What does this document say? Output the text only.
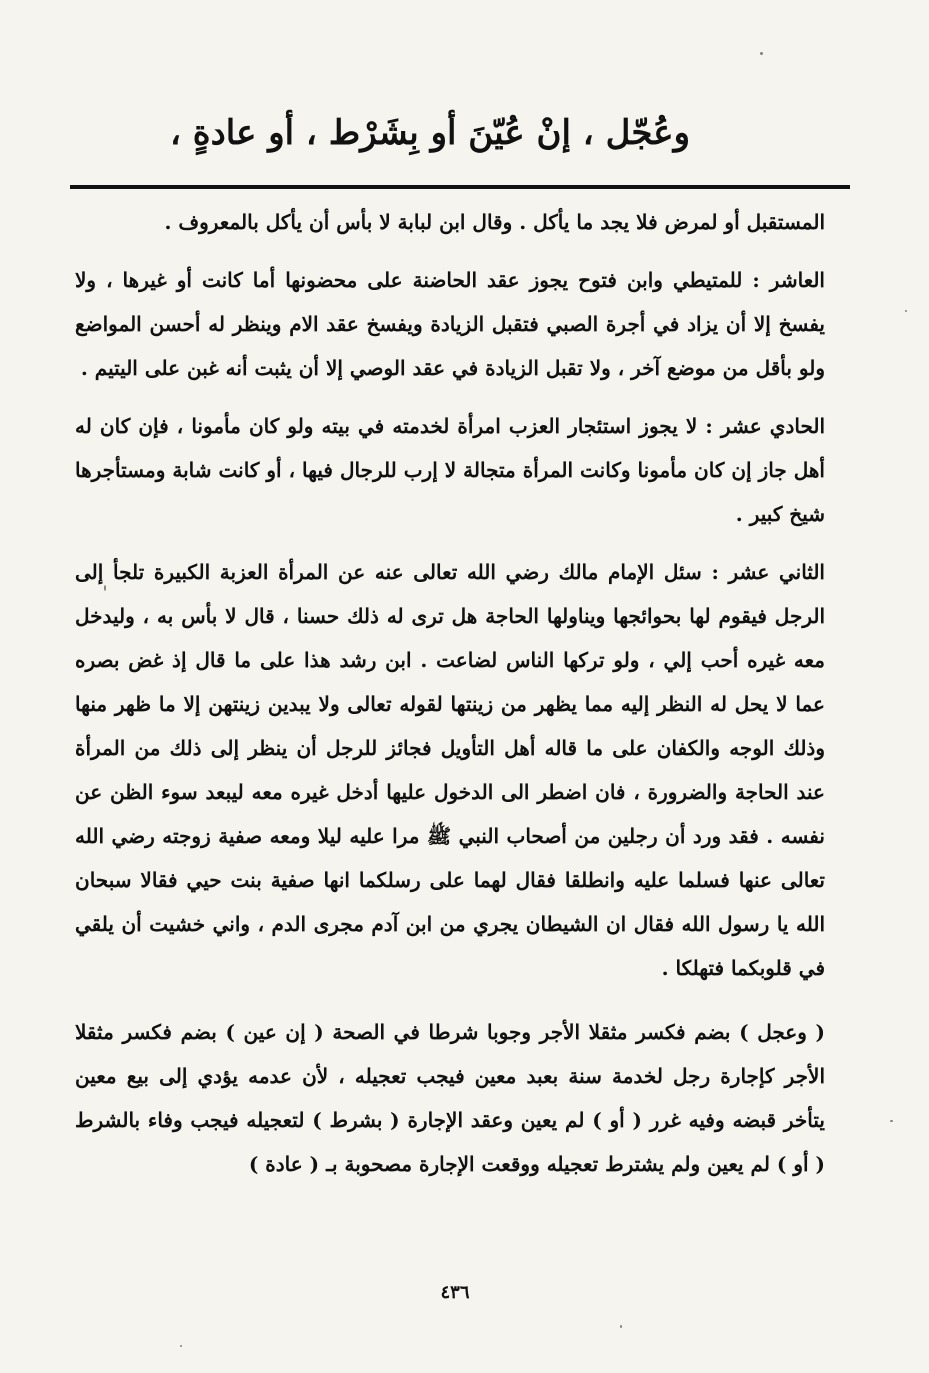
وعُجّل ، إنْ عُيّنَ أو بِشَرْط ، أو عادةٍ ،

المستقبل أو لمرض فلا يجد ما يأكل . وقال ابن لبابة لا بأس أن يأكل بالمعروف .

العاشر : للمتيطي وابن فتوح يجوز عقد الحاضنة على محضونها أما كانت أو غيرها ، ولا يفسخ إلا أن يزاد في أجرة الصبي فتقبل الزيادة ويفسخ عقد الام وينظر له أحسن المواضع ولو بأقل من موضع آخر ، ولا تقبل الزيادة في عقد الوصي إلا أن يثبت أنه غبن على اليتيم .

الحادي عشر : لا يجوز استئجار العزب امرأة لخدمته في بيته ولو كان مأمونا ، فإن كان له أهل جاز إن كان مأمونا وكانت المرأة متجالة لا إرب للرجال فيها ، أو كانت شابة ومستأجرها شيخ كبير .

الثاني عشر : سئل الإمام مالك رضي الله تعالى عنه عن المرأة العزبة الكبيرة تلجأ إلى الرجل فيقوم لها بحوائجها ويناولها الحاجة هل ترى له ذلك حسنا ، قال لا بأس به ، وليدخل معه غيره أحب إلي ، ولو تركها الناس لضاعت . ابن رشد هذا على ما قال إذ غض بصره عما لا يحل له النظر إليه مما يظهر من زينتها لقوله تعالى ولا يبدين زينتهن إلا ما ظهر منها وذلك الوجه والكفان على ما قاله أهل التأويل فجائز للرجل أن ينظر إلى ذلك من المرأة عند الحاجة والضرورة ، فان اضطر الى الدخول عليها أدخل غيره معه ليبعد سوء الظن عن نفسه . فقد ورد أن رجلين من أصحاب النبي ﷺ مرا عليه ليلا ومعه صفية زوجته رضي الله تعالى عنها فسلما عليه وانطلقا فقال لهما على رسلكما انها صفية بنت حيي فقالا سبحان الله يا رسول الله فقال ان الشيطان يجري من ابن آدم مجرى الدم ، واني خشيت أن يلقي في قلوبكما فتهلكا .

( وعجل ) بضم فكسر مثقلا الأجر وجوبا شرطا في الصحة ( إن عين ) بضم فكسر مثقلا الأجر كإجارة رجل لخدمة سنة بعبد معين فيجب تعجيله ، لأن عدمه يؤدي إلى بيع معين يتأخر قبضه وفيه غرر ( أو ) لم يعين وعقد الإجارة ( بشرط ) لتعجيله فيجب وفاء بالشرط ( أو ) لم يعين ولم يشترط تعجيله ووقعت الإجارة مصحوبة بـ ( عادة )

٤٣٦
